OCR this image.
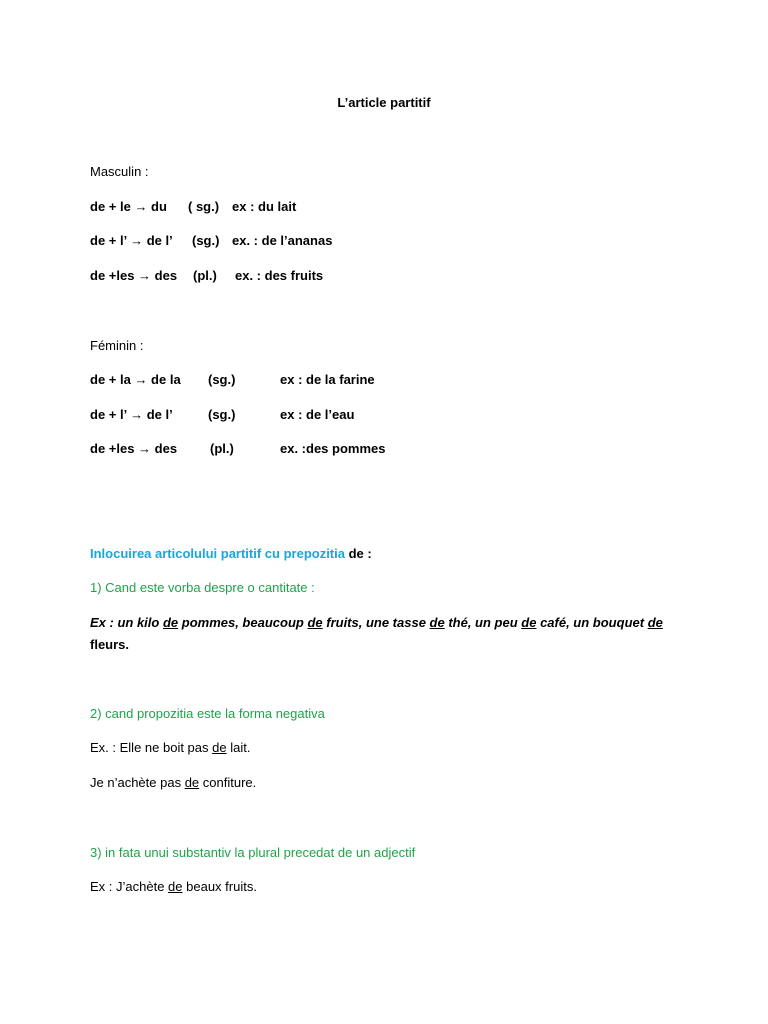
L’article partitif
Masculin :
de + le → du ( sg.) ex : du lait
de + l’ → de l’ (sg.) ex. : de l’ananas
de +les → des (pl.) ex. : des fruits
Féminin :
de + la → de la (sg.)	ex : de la farine
de + l’ → de l’	(sg.)	ex : de l’eau
de +les → des	(pl.)	ex. :des pommes
Inlocuirea articolului partitif cu prepozitia de :
1) Cand este vorba despre o cantitate :
Ex : un kilo de pommes, beaucoup de fruits, une tasse de thé, un peu de café, un bouquet de
fleurs.
2) cand propozitia este la forma negativa
Ex. : Elle ne boit pas de lait.
Je n’achète pas de confiture.
3) in fata unui substantiv la plural precedat de un adjectif
Ex : J’achète de beaux fruits.
